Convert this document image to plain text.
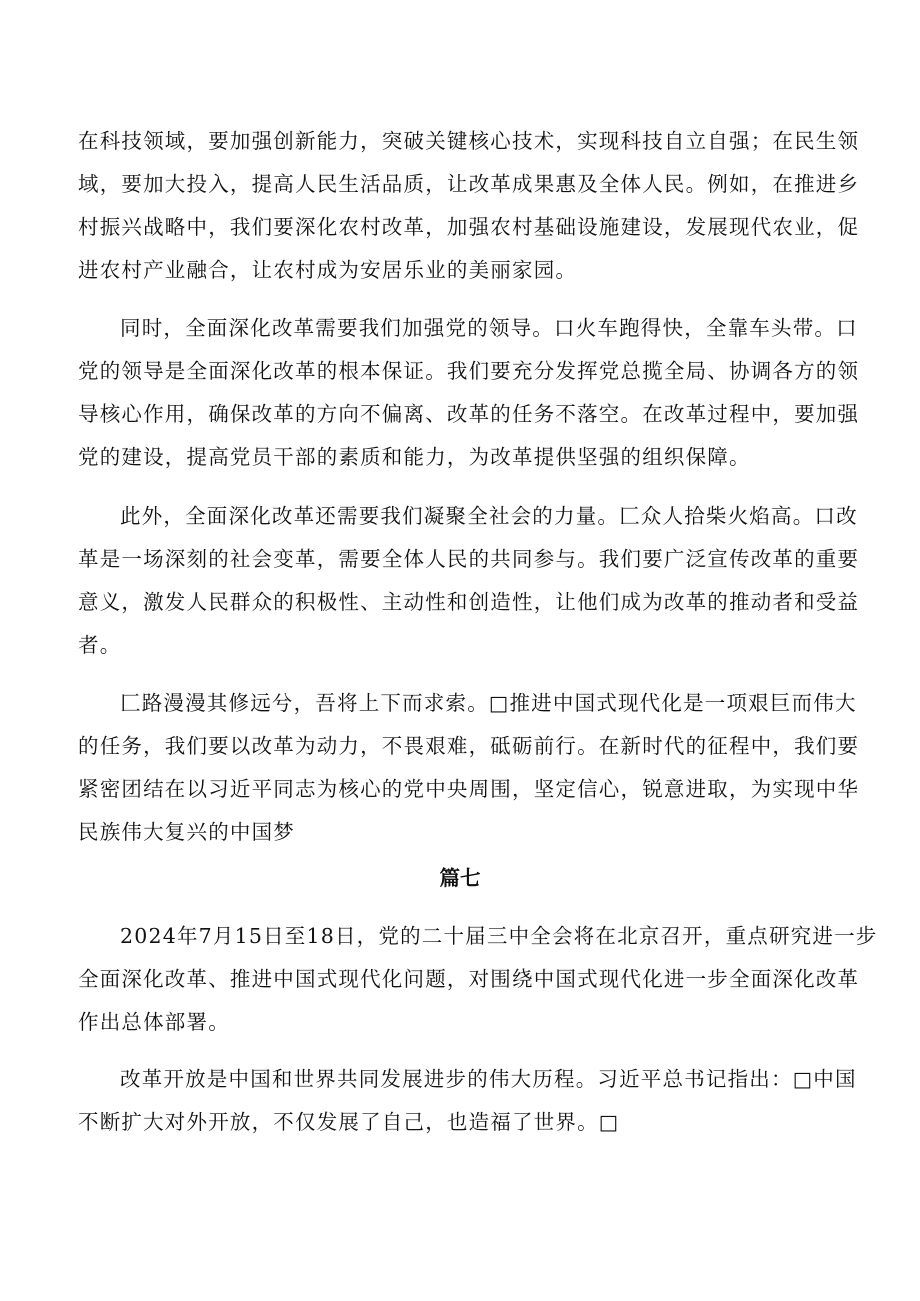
在科技领域，要加强创新能力，突破关键核心技术，实现科技自立自强；在民生领
域，要加大投入，提高人民生活品质，让改革成果惠及全体人民。例如，在推进乡
村振兴战略中，我们要深化农村改革，加强农村基础设施建设，发展现代农业，促
进农村产业融合，让农村成为安居乐业的美丽家园。

同时，全面深化改革需要我们加强党的领导。口火车跑得快，全靠车头带。口
党的领导是全面深化改革的根本保证。我们要充分发挥党总揽全局、协调各方的领
导核心作用，确保改革的方向不偏离、改革的任务不落空。在改革过程中，要加强
党的建设，提高党员干部的素质和能力，为改革提供坚强的组织保障。

此外，全面深化改革还需要我们凝聚全社会的力量。匚众人拾柴火焰高。口改
革是一场深刻的社会变革，需要全体人民的共同参与。我们要广泛宣传改革的重要
意义，激发人民群众的积极性、主动性和创造性，让他们成为改革的推动者和受益
者。

匚路漫漫其修远兮，吾将上下而求索。□推进中国式现代化是一项艰巨而伟大
的任务，我们要以改革为动力，不畏艰难，砥砺前行。在新时代的征程中，我们要
紧密团结在以习近平同志为核心的党中央周围，坚定信心，锐意进取，为实现中华
民族伟大复兴的中国梦

篇七

2024年7月15日至18日，党的二十届三中全会将在北京召开，重点研究进一步
全面深化改革、推进中国式现代化问题，对围绕中国式现代化进一步全面深化改革
作出总体部署。

改革开放是中国和世界共同发展进步的伟大历程。习近平总书记指出：□中国
不断扩大对外开放，不仅发展了自己，也造福了世界。□
